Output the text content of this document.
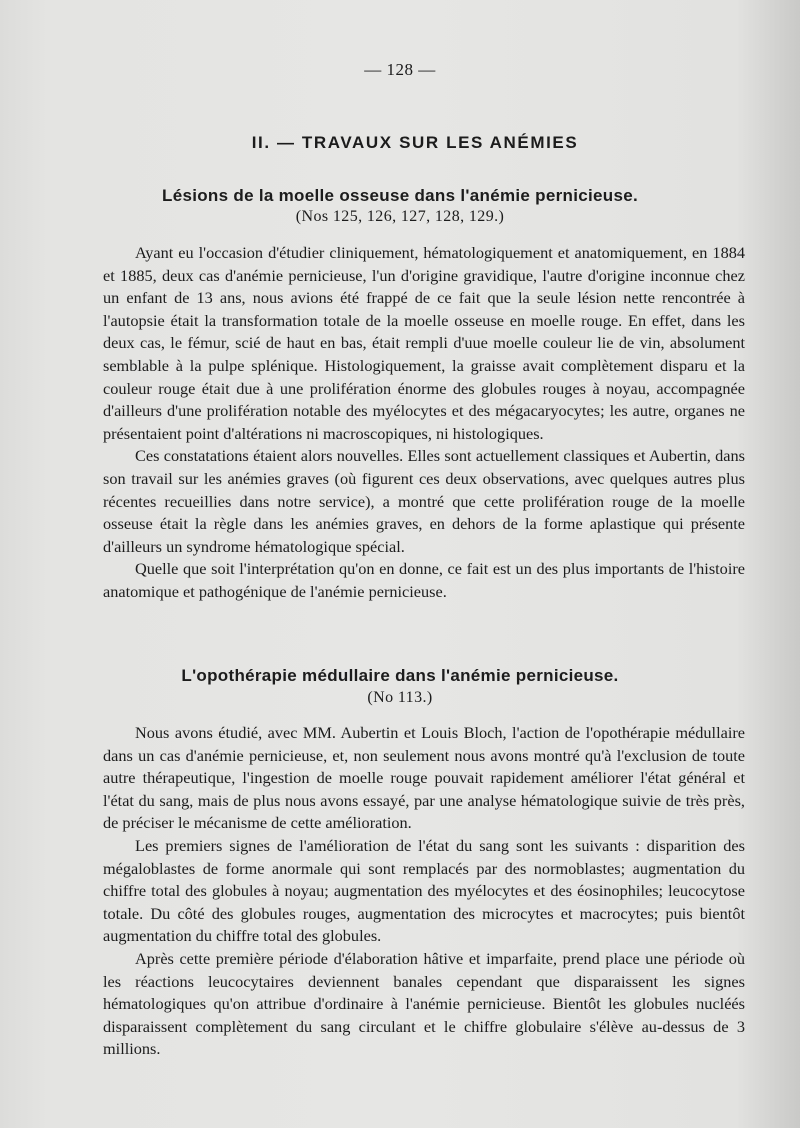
— 128 —
II. — TRAVAUX SUR LES ANÉMIES
Lésions de la moelle osseuse dans l'anémie pernicieuse.
(Nos 125, 126, 127, 128, 129.)

Ayant eu l'occasion d'étudier cliniquement, hématologiquement et anatomiquement, en 1884 et 1885, deux cas d'anémie pernicieuse, l'un d'origine gravidique, l'autre d'origine inconnue chez un enfant de 13 ans, nous avions été frappé de ce fait que la seule lésion nette rencontrée à l'autopsie était la transformation totale de la moelle osseuse en moelle rouge. En effet, dans les deux cas, le fémur, scié de haut en bas, était rempli d'uue moelle couleur lie de vin, absolument semblable à la pulpe splénique. Histologiquement, la graisse avait complètement disparu et la couleur rouge était due à une prolifération énorme des globules rouges à noyau, accompagnée d'ailleurs d'une prolifération notable des myélocytes et des mégacaryocytes; les autre, organes ne présentaient point d'altérations ni macroscopiques, ni histologiques.

Ces constatations étaient alors nouvelles. Elles sont actuellement classiques et Aubertin, dans son travail sur les anémies graves (où figurent ces deux observations, avec quelques autres plus récentes recueillies dans notre service), a montré que cette prolifération rouge de la moelle osseuse était la règle dans les anémies graves, en dehors de la forme aplastique qui présente d'ailleurs un syndrome hématologique spécial.

Quelle que soit l'interprétation qu'on en donne, ce fait est un des plus importants de l'histoire anatomique et pathogénique de l'anémie pernicieuse.

L'opothérapie médullaire dans l'anémie pernicieuse.
(No 113.)

Nous avons étudié, avec MM. Aubertin et Louis Bloch, l'action de l'opothérapie médullaire dans un cas d'anémie pernicieuse, et, non seulement nous avons montré qu'à l'exclusion de toute autre thérapeutique, l'ingestion de moelle rouge pouvait rapidement améliorer l'état général et l'état du sang, mais de plus nous avons essayé, par une analyse hématologique suivie de très près, de préciser le mécanisme de cette amélioration.

Les premiers signes de l'amélioration de l'état du sang sont les suivants : disparition des mégaloblastes de forme anormale qui sont remplacés par des normoblastes; augmentation du chiffre total des globules à noyau; augmentation des myélocytes et des éosinophiles; leucocytose totale. Du côté des globules rouges, augmentation des microcytes et macrocytes; puis bientôt augmentation du chiffre total des globules.

Après cette première période d'élaboration hâtive et imparfaite, prend place une période où les réactions leucocytaires deviennent banales cependant que disparaissent les signes hématologiques qu'on attribue d'ordinaire à l'anémie pernicieuse. Bientôt les globules nucléés disparaissent complètement du sang circulant et le chiffre globulaire s'élève au-dessus de 3 millions.
